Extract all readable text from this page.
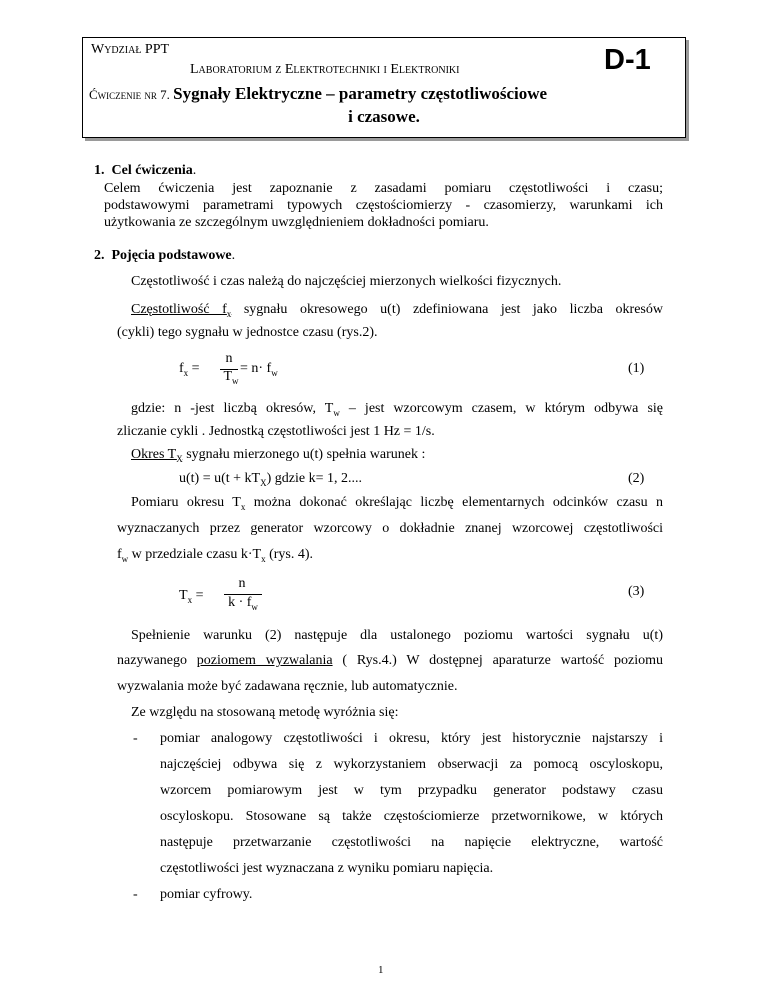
Wydział PPT
Laboratorium z Elektrotechniki i Elektroniki	D-1
Ćwiczenie nr 7. Sygnały Elektryczne – parametry częstotliwościowe
i czasowe.
1. Cel ćwiczenia.
Celem ćwiczenia jest zapoznanie z zasadami pomiaru częstotliwości i czasu;
podstawowymi parametrami typowych częstościomierzy - czasomierzy, warunkami ich
użytkowania ze szczególnym uwzględnieniem dokładności pomiaru.
2. Pojęcia podstawowe.
Częstotliwość i czas należą do najczęściej mierzonych wielkości fizycznych.
Częstotliwość $f_x$ sygnału okresowego u(t) zdefiniowana jest jako liczba okresów
(cykli) tego sygnału w jednostce czasu (rys.2).
$f_x$ =
n
$T_w$
= $n\cdot f_w$	(1)
gdzie: n -jest liczbą okresów, $T_w$ – jest wzorcowym czasem, w którym odbywa się
zliczanie cykli . Jednostką częstotliwości jest 1 Hz = 1/s.
Okres $T_X$ sygnału mierzonego u(t) spełnia warunek :
$u(t) = u(t + kT_X)$ gdzie k= 1, 2....	(2)
Pomiaru okresu $T_x$ można dokonać określając liczbę elementarnych odcinków czasu n
wyznaczanych przez generator wzorcowy o dokładnie znanej wzorcowej częstotliwości
$f_w$ w przedziale czasu $k\cdot T_x$ (rys. 4).
$T_x$ =
n
$k \cdot f_w$
(3)
Spełnienie warunku (2) następuje dla ustalonego poziomu wartości sygnału u(t)
nazywanego poziomem wyzwalania ( Rys.4.) W dostępnej aparaturze wartość poziomu
wyzwalania może być zadawana ręcznie, lub automatycznie.
Ze względu na stosowaną metodę wyróżnia się:
- pomiar analogowy częstotliwości i okresu, który jest historycznie najstarszy i
najczęściej odbywa się z wykorzystaniem obserwacji za pomocą oscyloskopu,
wzorcem pomiarowym jest w tym przypadku generator podstawy czasu
oscyloskopu. Stosowane są także częstościomierze przetwornikowe, w których
następuje przetwarzanie częstotliwości na napięcie elektryczne, wartość
częstotliwości jest wyznaczana z wyniku pomiaru napięcia.
- pomiar cyfrowy.
1
